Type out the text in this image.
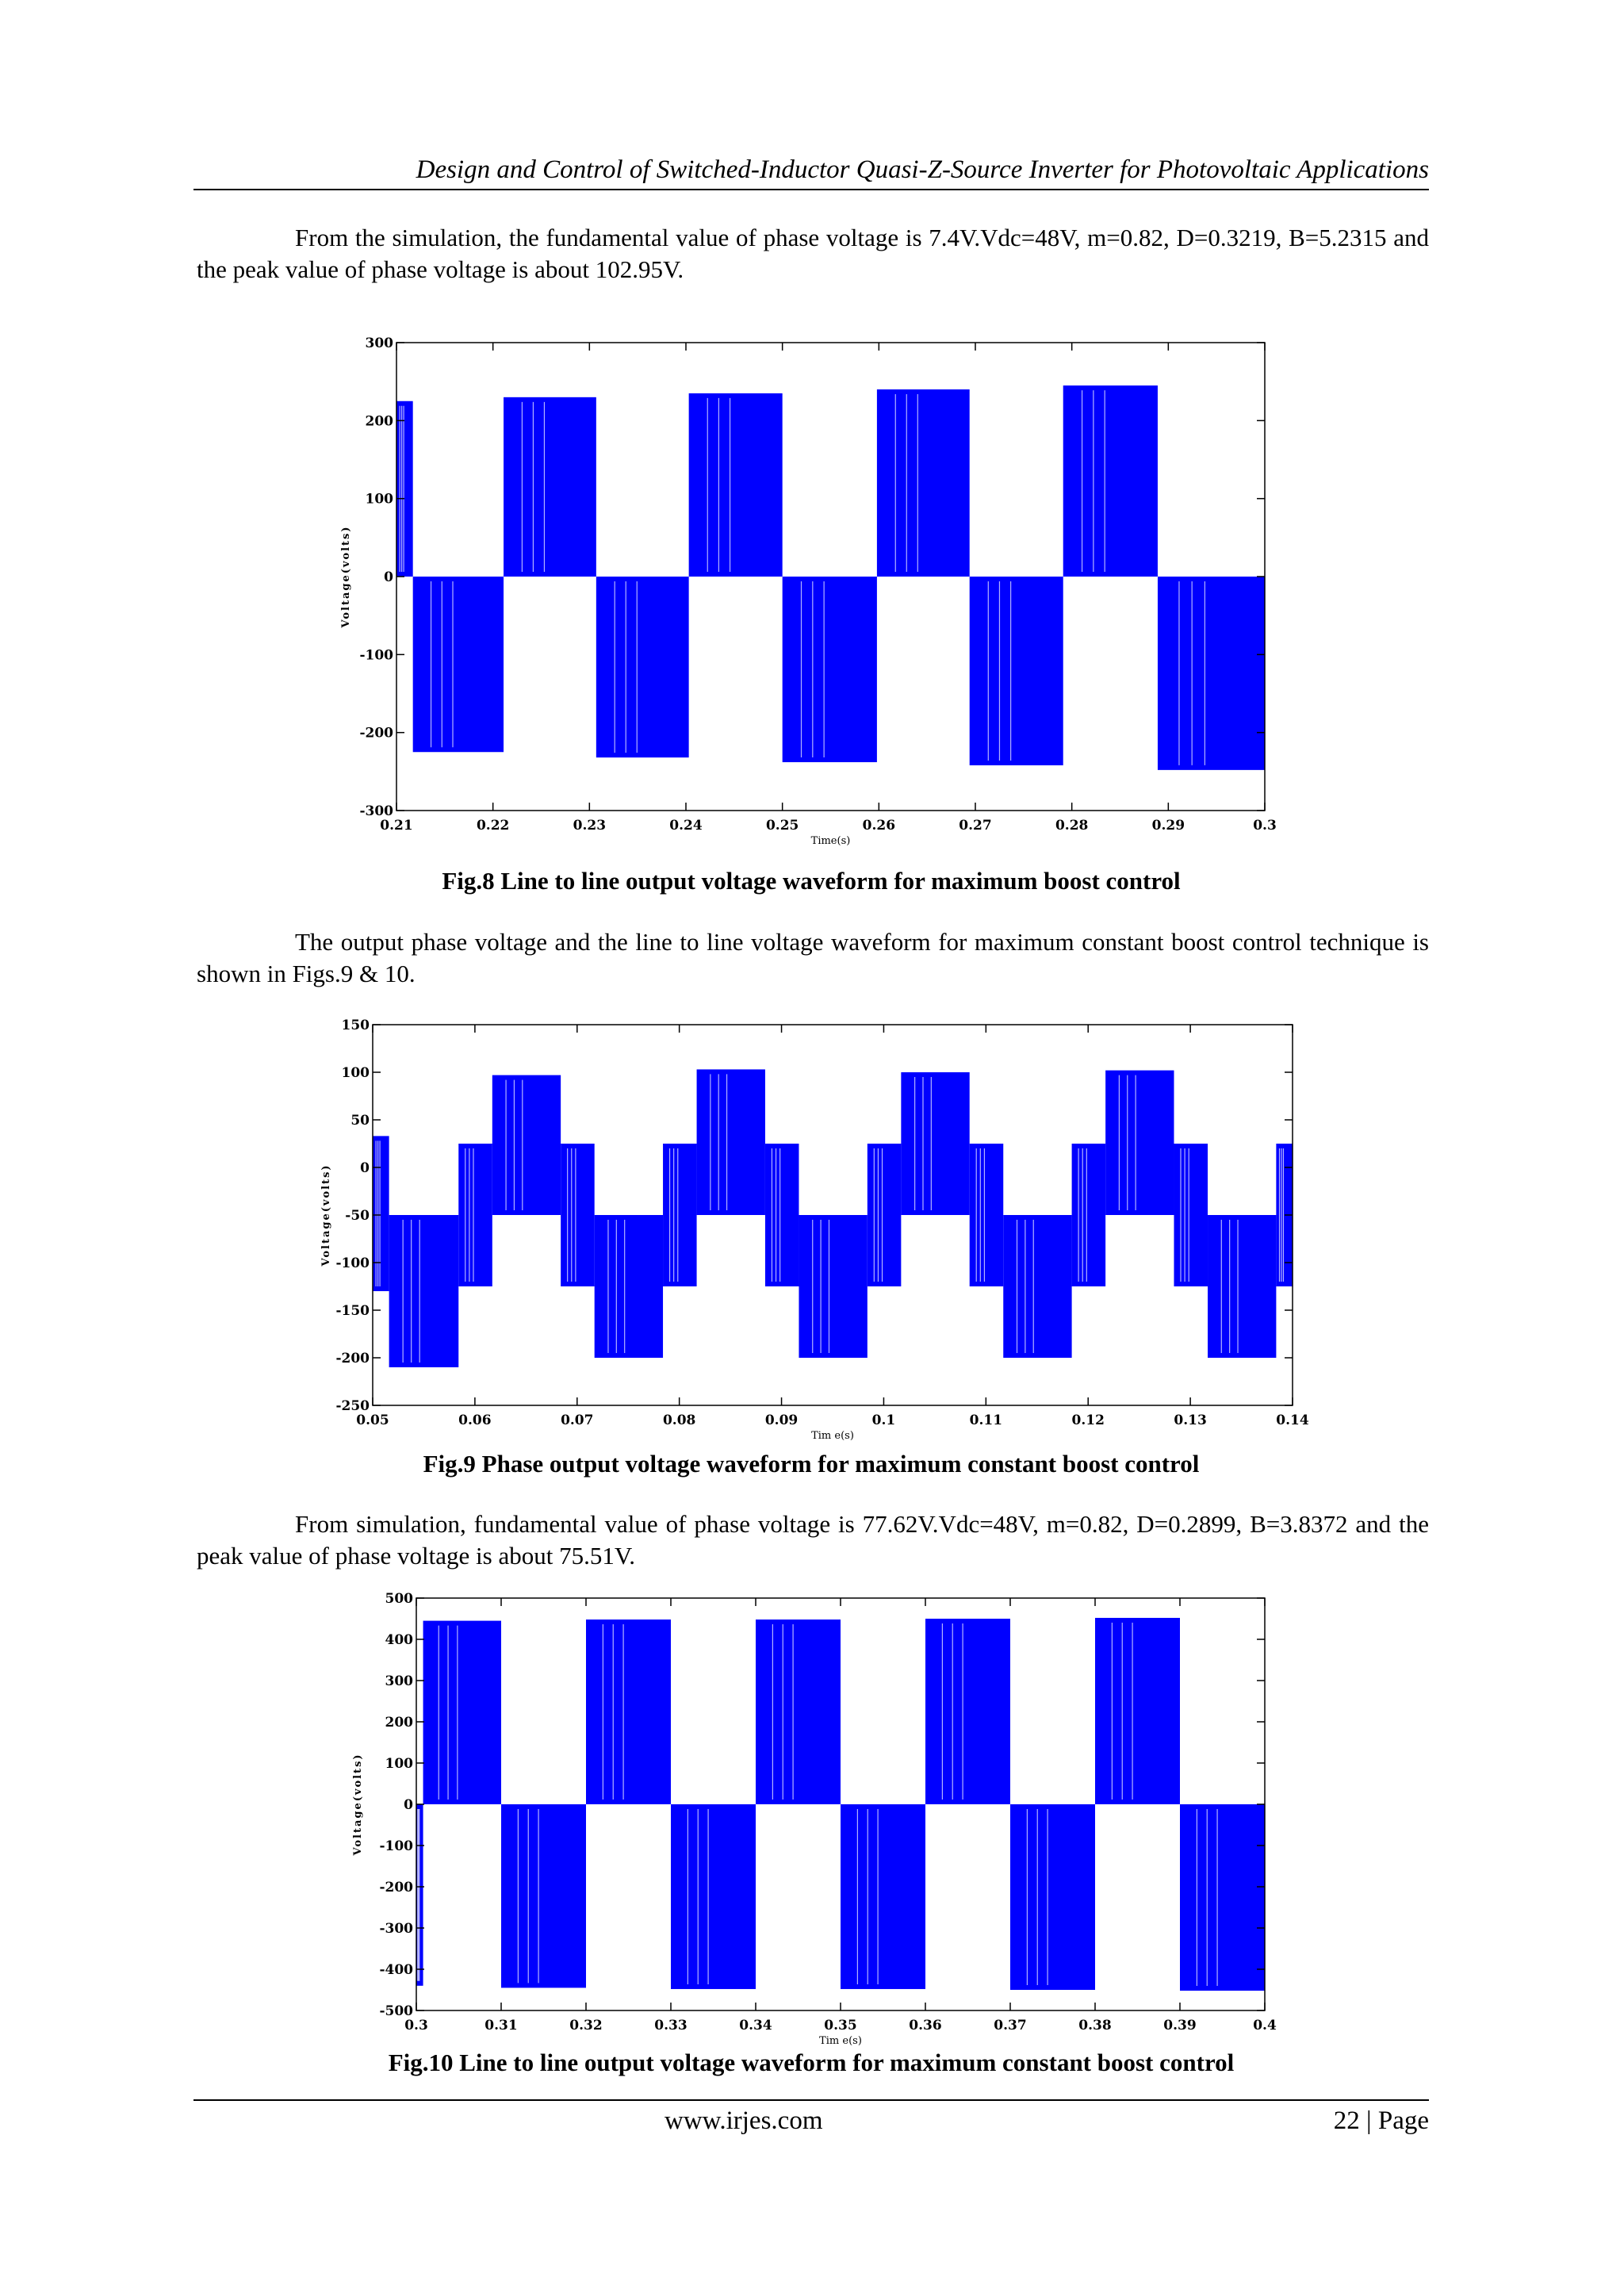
Design and Control of Switched-Inductor Quasi-Z-Source Inverter for Photovoltaic Applications

From the simulation, the fundamental value of phase voltage is 7.4V.Vdc=48V, m=0.82, D=0.3219, B=5.2315 and the peak value of phase voltage is about 102.95V.

0.21	0.22	0.23	0.24	0.25	0.26	0.27	0.28	0.29	0.3
-300
-200
-100
0
100
200
300
Time(s)
Voltage(volts)
Fig.8 Line to line output voltage waveform for maximum boost control

The output phase voltage and the line to line voltage waveform for maximum constant boost control technique is shown in Figs.9 & 10.

0.05	0.06	0.07	0.08	0.09	0.1	0.11	0.12	0.13	0.14
-250
-200
-150
-100
-50
0
50
100
150
Tim e(s)
Voltage(volts)
Fig.9 Phase output voltage waveform for maximum constant boost control

From simulation, fundamental value of phase voltage is 77.62V.Vdc=48V, m=0.82, D=0.2899, B=3.8372 and the peak value of phase voltage is about 75.51V.

0.3	0.31	0.32	0.33	0.34	0.35	0.36	0.37	0.38	0.39	0.4
-500
-400
-300
-200
-100
0
100
200
300
400
500
Tim e(s)
Voltage(volts)
Fig.10 Line to line output voltage waveform for maximum constant boost control
www.irjes.com	22 | Page
